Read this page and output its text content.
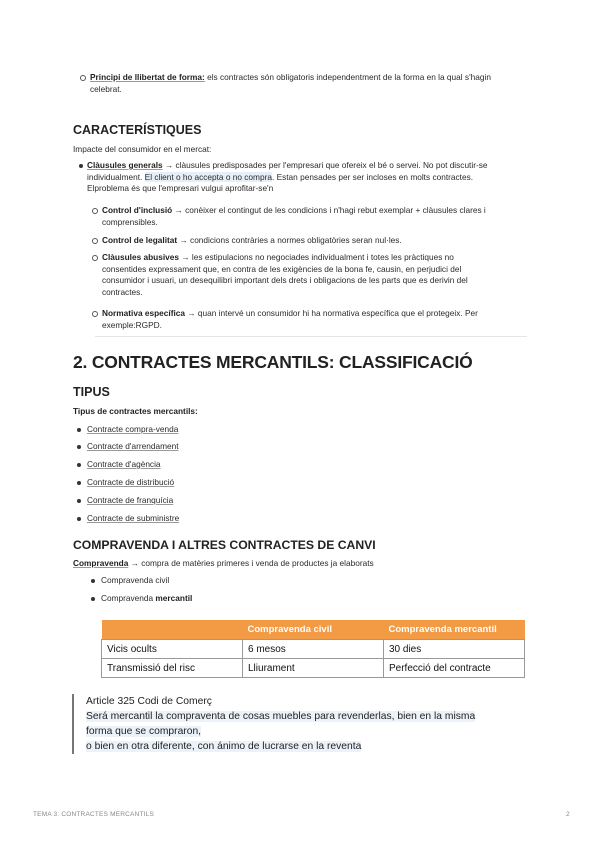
Principi de llibertat de forma: els contractes són obligatoris independentment de la forma en la qual s'hagin
celebrat.
CARACTERÍSTIQUES
Impacte del consumidor en el mercat:
Clàusules generals → clàusules predisposades per l'empresari que ofereix el bé o servei. No pot discutir-se
individualment. El client o ho accepta o no compra. Estan pensades per ser incloses en molts contractes.
Elproblema és que l'empresari vulgui aprofitar-se'n
Control d'inclusió → conèixer el contingut de les condicions i n'hagi rebut exemplar + clàusules clares i
comprensibles.
Control de legalitat → condicions contràries a normes obligatòries seran nul·les.
Clàusules abusives → les estipulacions no negociades individualment i totes les pràctiques no
consentides expressament que, en contra de les exigències de la bona fe, causin, en perjudici del
consumidor i usuari, un desequilibri important dels drets i obligacions de les parts que es derivin del
contractes.
Normativa específica → quan intervé un consumidor hi ha normativa específica que el protegeix. Per
exemple:RGPD.
2. CONTRACTES MERCANTILS: CLASSIFICACIÓ
TIPUS
Tipus de contractes mercantils:
Contracte compra-venda
Contracte d'arrendament
Contracte d'agència
Contracte de distribució
Contracte de franquícia
Contracte de subministre
COMPRAVENDA I ALTRES CONTRACTES DE CANVI
Compravenda → compra de matèries primeres i venda de productes ja elaborats
Compravenda civil
Compravenda mercantil
	Compravenda civil	Compravenda mercantil
Vicis ocults	6 mesos	30 dies
Transmissió del risc	Lliurament	Perfecció del contracte
Article 325 Codi de Comerç
Será mercantil la compraventa de cosas muebles para revenderlas, bien en la misma
forma que se compraron,
o bien en otra diferente, con ánimo de lucrarse en la reventa
TEMA 3: CONTRACTES MERCANTILS	2
